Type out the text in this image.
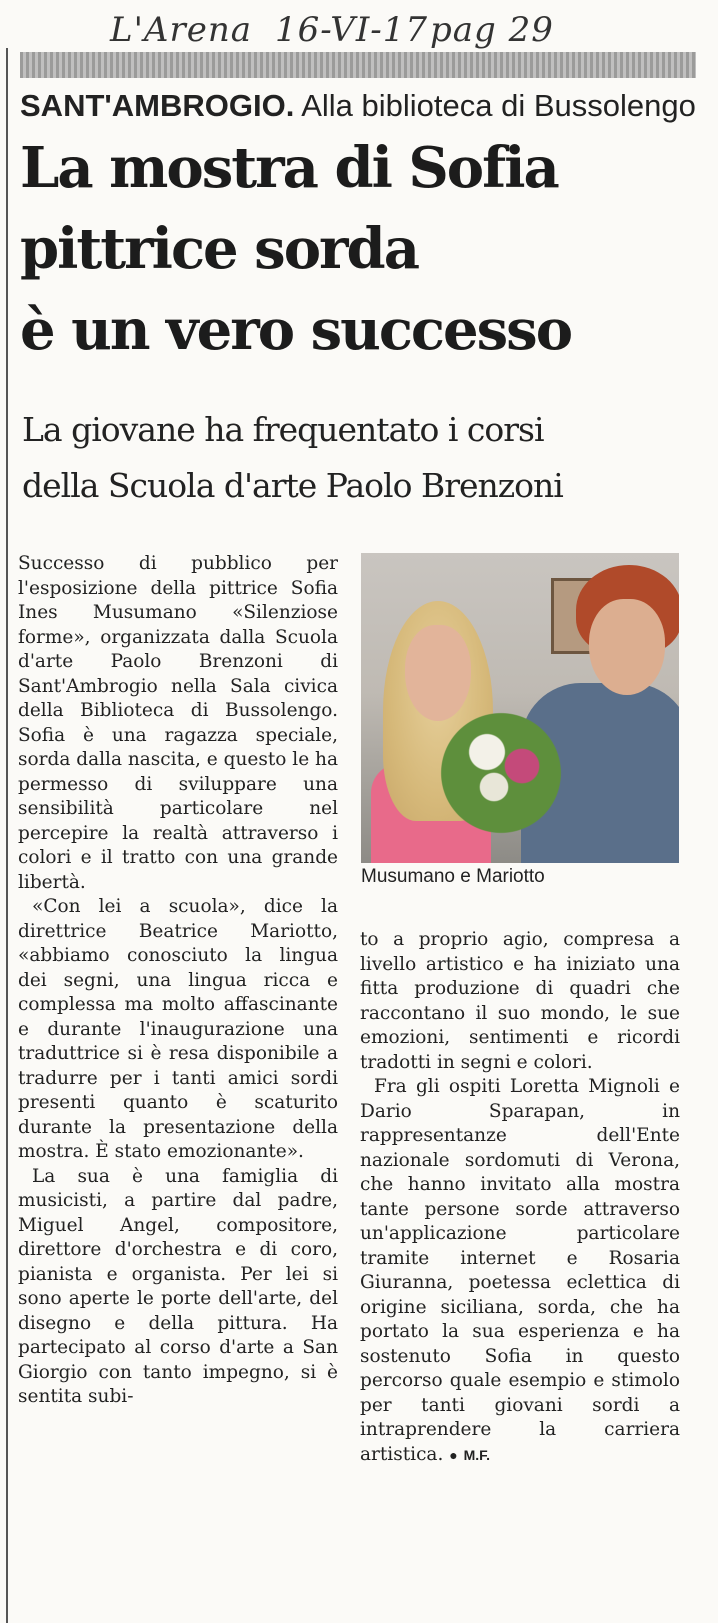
L'Arena 16-VI-17 pag 29
SANT'AMBROGIO. Alla biblioteca di Bussolengo
La mostra di Sofia
pittrice sorda
è un vero successo
La giovane ha frequentato i corsi
della Scuola d'arte Paolo Brenzoni

Successo di pubblico per l'esposizione della pittrice Sofia Ines Musumano «Silenziose forme», organizzata dalla Scuola d'arte Paolo Brenzoni di Sant'Ambrogio nella Sala civica della Biblioteca di Bussolengo. Sofia è una ragazza speciale, sorda dalla nascita, e questo le ha permesso di sviluppare una sensibilità particolare nel percepire la realtà attraverso i colori e il tratto con una grande libertà.

«Con lei a scuola», dice la direttrice Beatrice Mariotto, «abbiamo conosciuto la lingua dei segni, una lingua ricca e complessa ma molto affascinante e durante l'inaugurazione una traduttrice si è resa disponibile a tradurre per i tanti amici sordi presenti quanto è scaturito durante la presentazione della mostra. È stato emozionante».

La sua è una famiglia di musicisti, a partire dal padre, Miguel Angel, compositore, direttore d'orchestra e di coro, pianista e organista. Per lei si sono aperte le porte dell'arte, del disegno e della pittura. Ha partecipato al corso d'arte a San Giorgio con tanto impegno, si è sentita subi-

Musumano e Mariotto

to a proprio agio, compresa a livello artistico e ha iniziato una fitta produzione di quadri che raccontano il suo mondo, le sue emozioni, sentimenti e ricordi tradotti in segni e colori.

Fra gli ospiti Loretta Mignoli e Dario Sparapan, in rappresentanze dell'Ente nazionale sordomuti di Verona, che hanno invitato alla mostra tante persone sorde attraverso un'applicazione particolare tramite internet e Rosaria Giuranna, poetessa eclettica di origine siciliana, sorda, che ha portato la sua esperienza e ha sostenuto Sofia in questo percorso quale esempio e stimolo per tanti giovani sordi a intraprendere la carriera artistica. ● M.F.
